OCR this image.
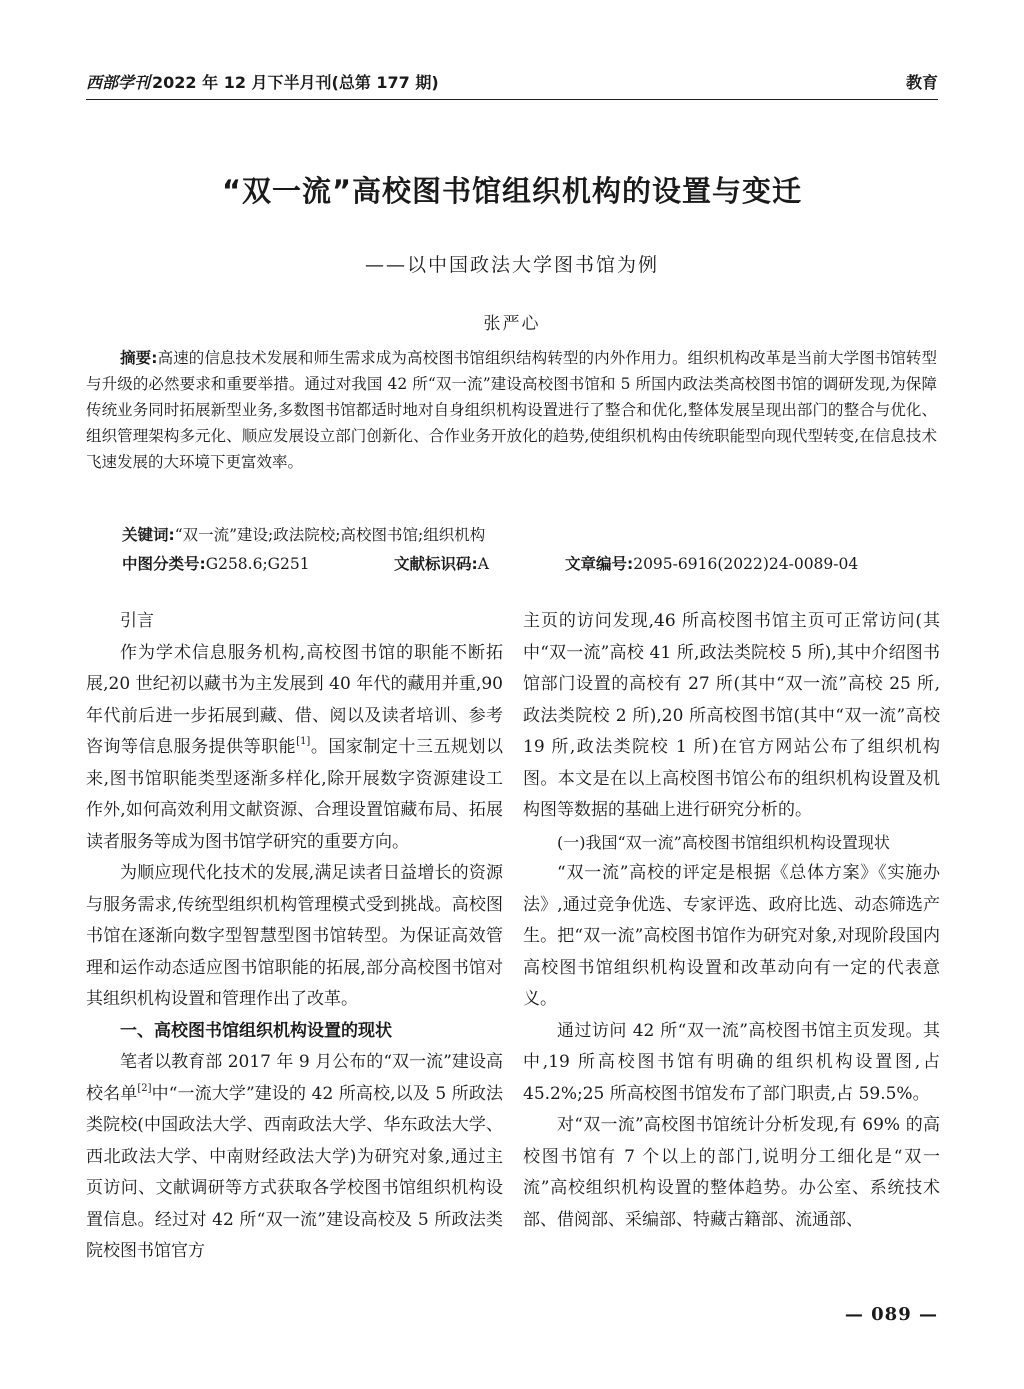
西部学刊 2022 年 12 月下半月刊(总第 177 期)	教育
“双一流”高校图书馆组织机构的设置与变迁
——以中国政法大学图书馆为例
张严心
摘要:高速的信息技术发展和师生需求成为高校图书馆组织结构转型的内外作用力。组织机构改革是当前大学图书馆转型与升级的必然要求和重要举措。通过对我国 42 所“双一流”建设高校图书馆和 5 所国内政法类高校图书馆的调研发现,为保障传统业务同时拓展新型业务,多数图书馆都适时地对自身组织机构设置进行了整合和优化,整体发展呈现出部门的整合与优化、组织管理架构多元化、顺应发展设立部门创新化、合作业务开放化的趋势,使组织机构由传统职能型向现代型转变,在信息技术飞速发展的大环境下更富效率。
关键词:“双一流”建设;政法院校;高校图书馆;组织机构
中图分类号:G258.6;G251	文献标识码:A	文章编号:2095-6916(2022)24-0089-04

引言

作为学术信息服务机构,高校图书馆的职能不断拓展,20 世纪初以藏书为主发展到 40 年代的藏用并重,90 年代前后进一步拓展到藏、借、阅以及读者培训、参考咨询等信息服务提供等职能[1]。国家制定十三五规划以来,图书馆职能类型逐渐多样化,除开展数字资源建设工作外,如何高效利用文献资源、合理设置馆藏布局、拓展读者服务等成为图书馆学研究的重要方向。

为顺应现代化技术的发展,满足读者日益增长的资源与服务需求,传统型组织机构管理模式受到挑战。高校图书馆在逐渐向数字型智慧型图书馆转型。为保证高效管理和运作动态适应图书馆职能的拓展,部分高校图书馆对其组织机构设置和管理作出了改革。

一、高校图书馆组织机构设置的现状

笔者以教育部 2017 年 9 月公布的“双一流”建设高校名单[2]中“一流大学”建设的 42 所高校,以及 5 所政法类院校(中国政法大学、西南政法大学、华东政法大学、西北政法大学、中南财经政法大学)为研究对象,通过主页访问、文献调研等方式获取各学校图书馆组织机构设置信息。经过对 42 所“双一流”建设高校及 5 所政法类院校图书馆官方

主页的访问发现,46 所高校图书馆主页可正常访问(其中“双一流”高校 41 所,政法类院校 5 所),其中介绍图书馆部门设置的高校有 27 所(其中“双一流”高校 25 所,政法类院校 2 所),20 所高校图书馆(其中“双一流”高校 19 所,政法类院校 1 所)在官方网站公布了组织机构图。本文是在以上高校图书馆公布的组织机构设置及机构图等数据的基础上进行研究分析的。

(一)我国“双一流”高校图书馆组织机构设置现状

“双一流”高校的评定是根据《总体方案》《实施办法》,通过竞争优选、专家评选、政府比选、动态筛选产生。把“双一流”高校图书馆作为研究对象,对现阶段国内高校图书馆组织机构设置和改革动向有一定的代表意义。

通过访问 42 所“双一流”高校图书馆主页发现。其中,19 所高校图书馆有明确的组织机构设置图,占 45.2%;25 所高校图书馆发布了部门职责,占 59.5%。

对“双一流”高校图书馆统计分析发现,有 69% 的高校图书馆有 7 个以上的部门,说明分工细化是“双一流”高校组织机构设置的整体趋势。办公室、系统技术部、借阅部、采编部、特藏古籍部、流通部、

— 089 —
